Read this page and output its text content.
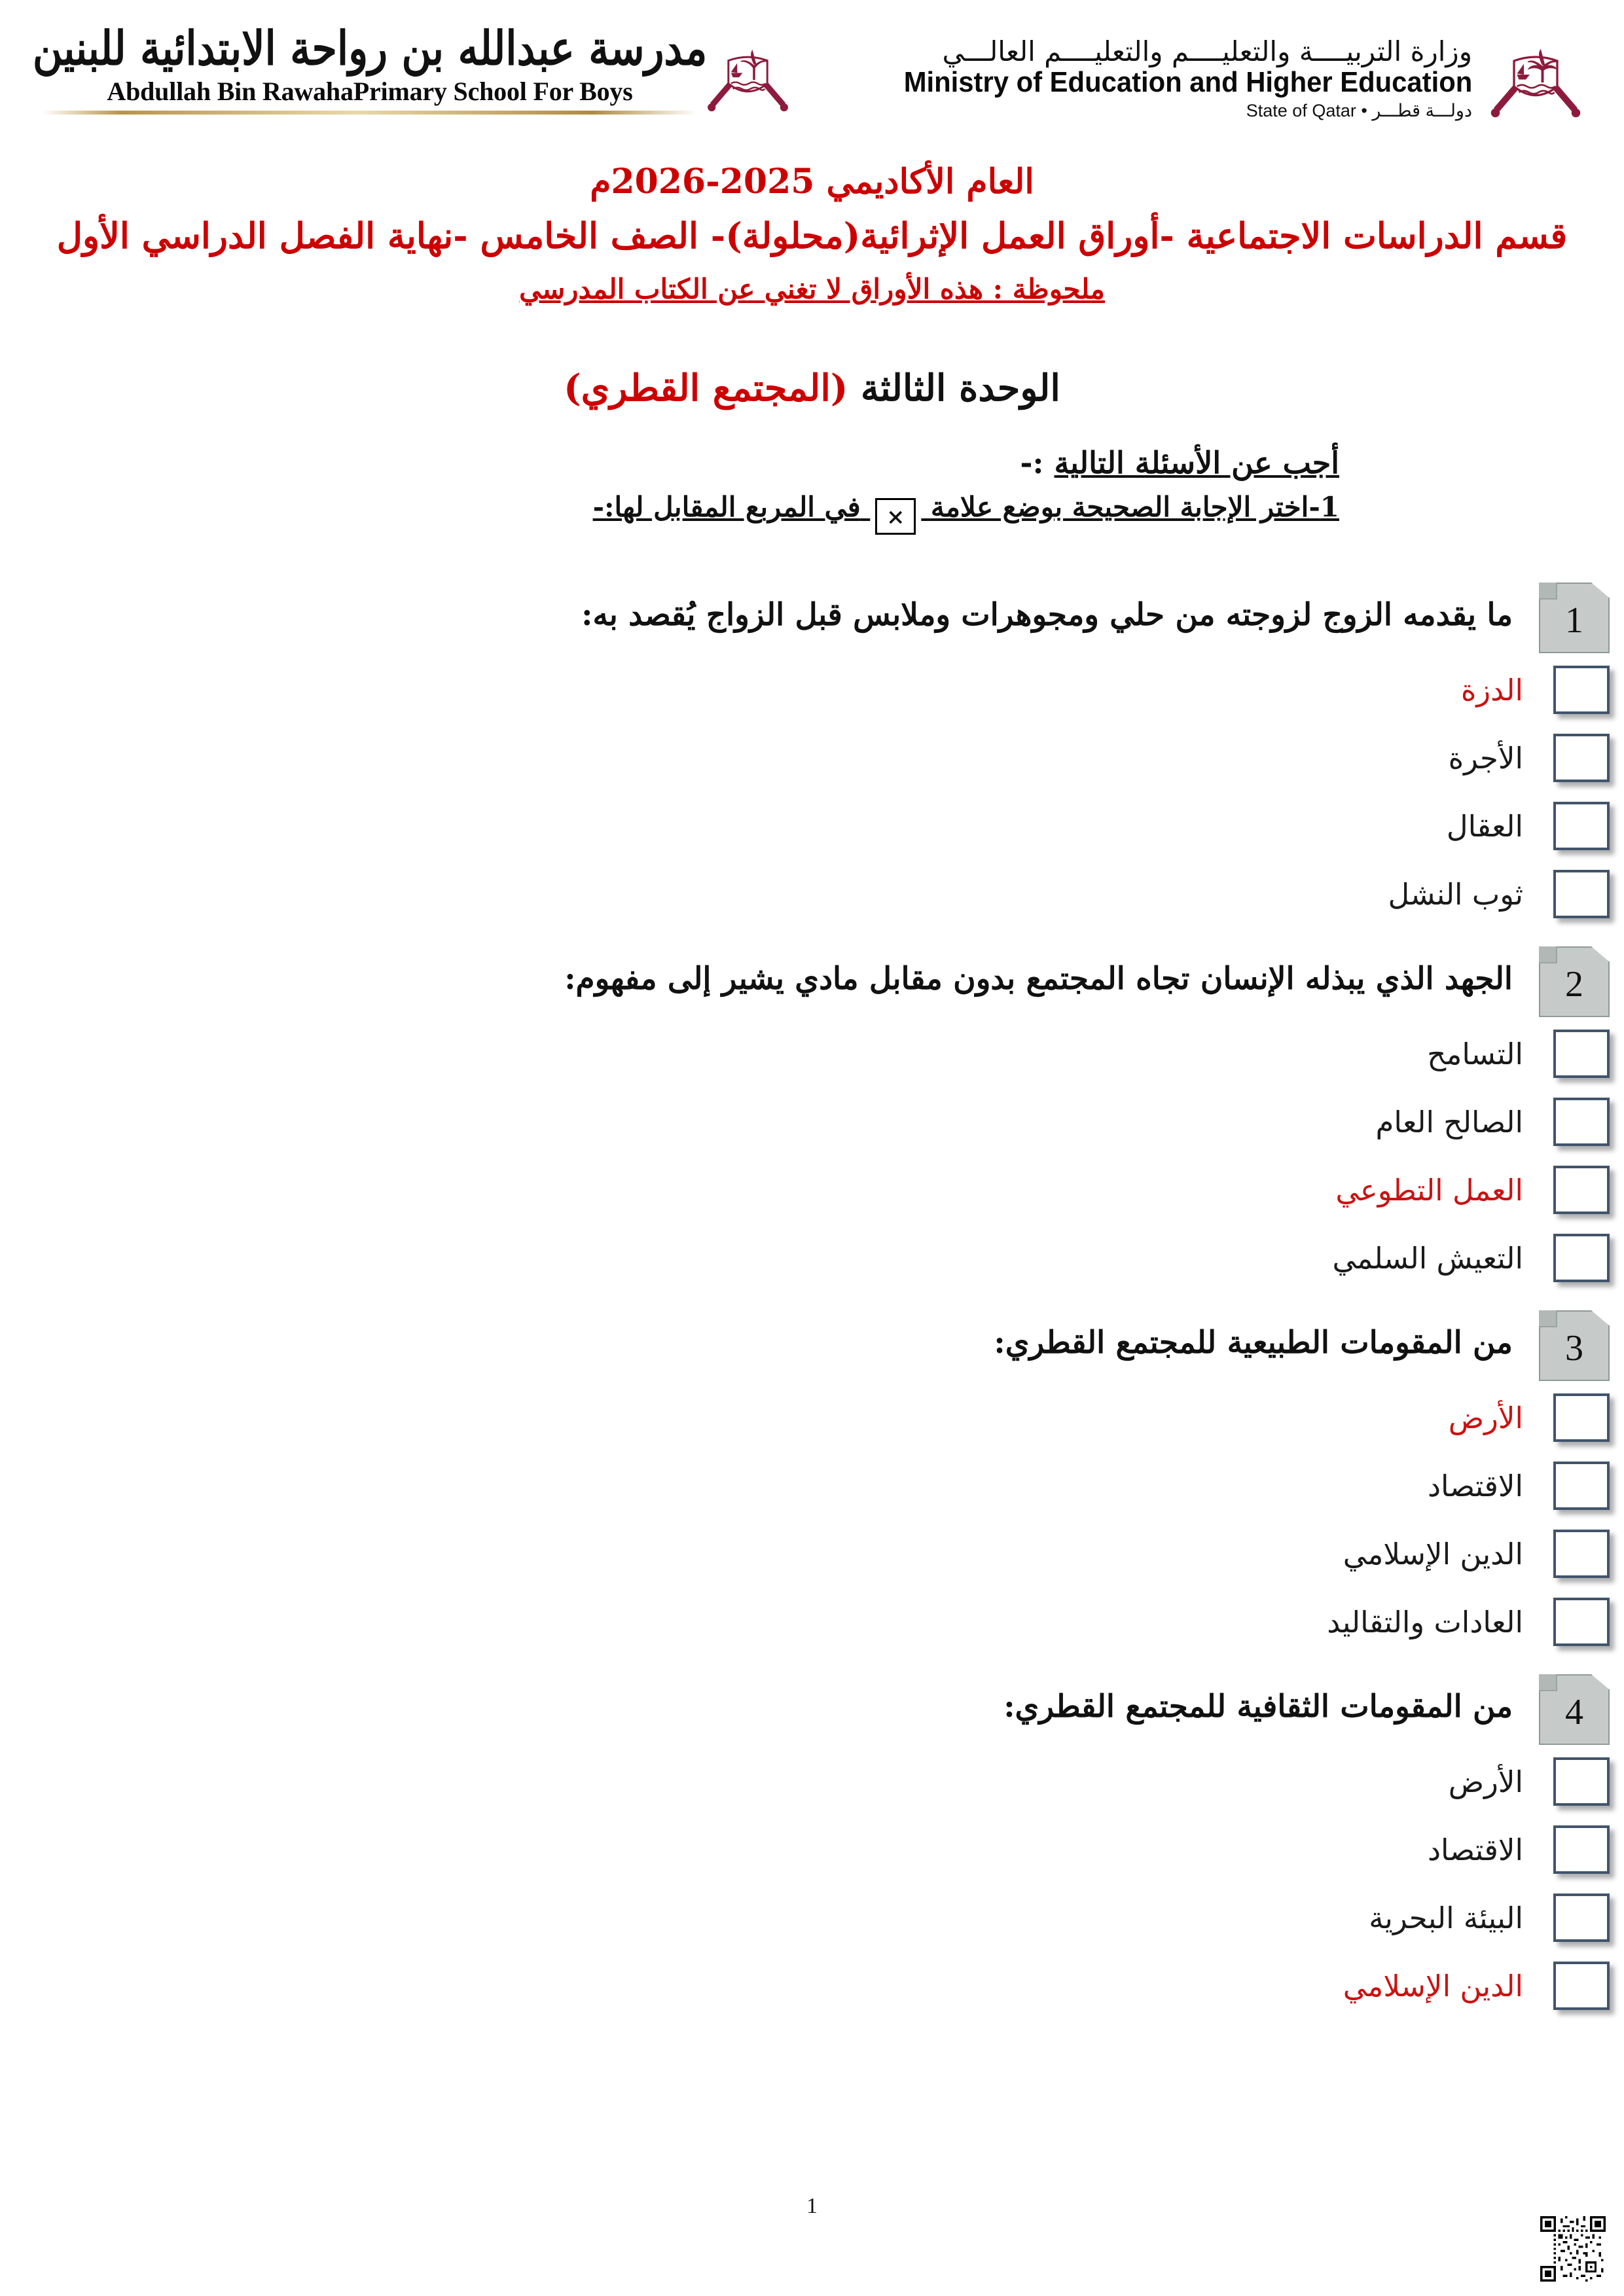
وزارة التربيــــة والتعليــــم والتعليــــم العالـــي
Ministry of Education and Higher Education
دولـــة قطـــر • State of Qatar
مدرسة عبدالله بن رواحة الابتدائية للبنين
Abdullah Bin RawahaPrimary School For Boys
العام الأكاديمي 2025-2026م
قسم الدراسات الاجتماعية -أوراق العمل الإثرائية(محلولة)- الصف الخامس -نهاية الفصل الدراسي الأول
ملحوظة : هذه الأوراق لا تغني عن الكتاب المدرسي
الوحدة الثالثة (المجتمع القطري)
أجب عن الأسئلة التالية :-
1-اختر الإجابة الصحيحة بوضع علامة × في المربع المقابل لها:-
1
ما يقدمه الزوج لزوجته من حلي ومجوهرات وملابس قبل الزواج يُقصد به:
الدزة
الأجرة
العقال
ثوب النشل
2
الجهد الذي يبذله الإنسان تجاه المجتمع بدون مقابل مادي يشير إلى مفهوم:
التسامح
الصالح العام
العمل التطوعي
التعيش السلمي
3
من المقومات الطبيعية للمجتمع القطري:
الأرض
الاقتصاد
الدين الإسلامي
العادات والتقاليد
4
من المقومات الثقافية للمجتمع القطري:
الأرض
الاقتصاد
البيئة البحرية
الدين الإسلامي
1
